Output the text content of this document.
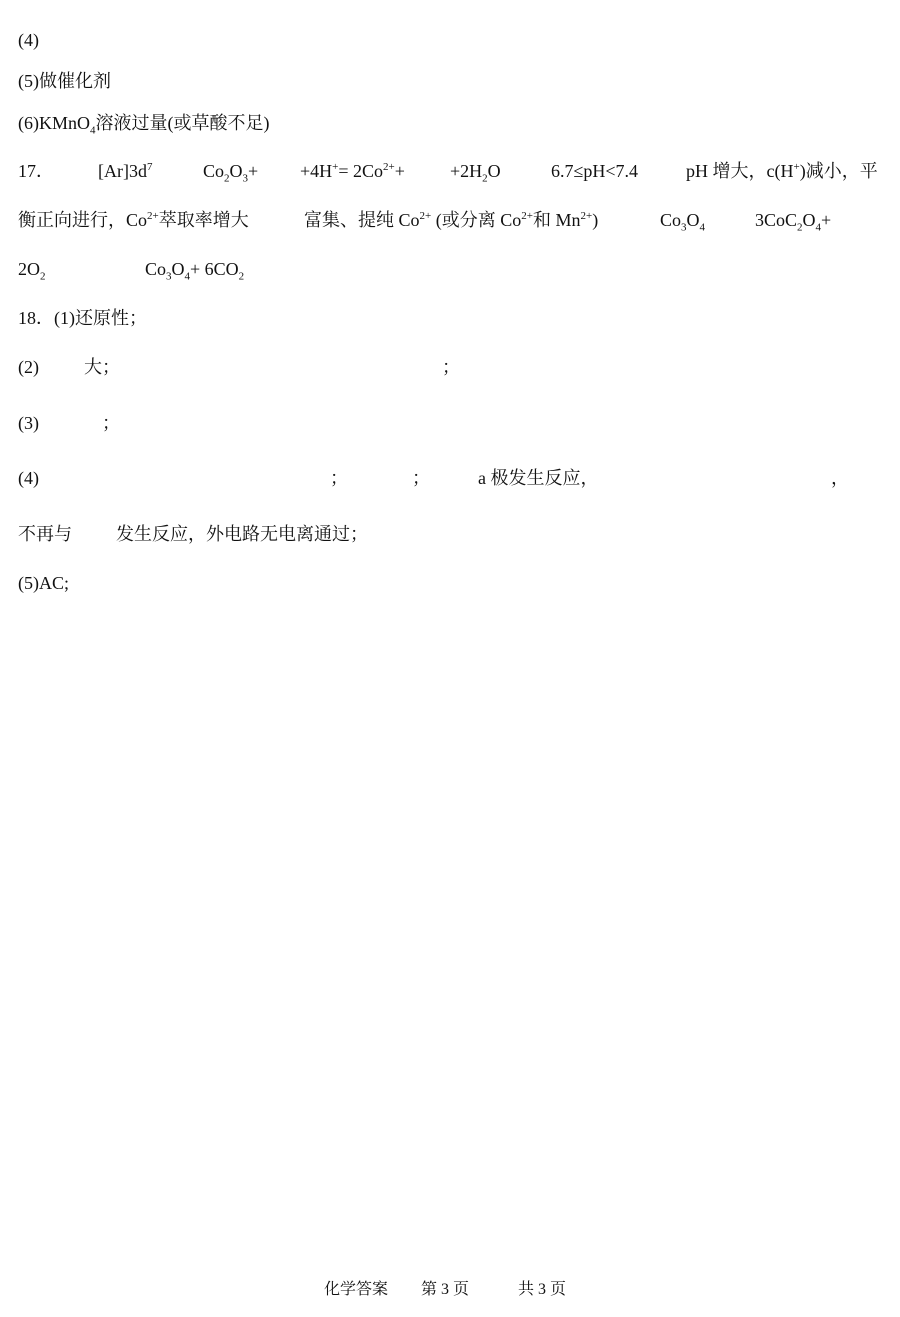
(4)
(5)做催化剂
(6)KMnO$_4$溶液过量(或草酸不足)
17． $[Ar]3d^7$	$Co_2O_3+ +4H^+= 2Co^{2+}+$	$+2H_2O$	6.7≤pH<7.4	pH 增大，c(H+)减小，平
衡正向进行，$Co^{2+}$萃取率增大	富集、提纯 $Co^{2+}$ (或分离 $Co^{2+}$和 $Mn^{2+}$)	$Co_3O_4$	$3CoC_2O_4+$
$2O_2$	$Co_3O_4+ 6CO_2$
18．(1)还原性；
(2)	大；	；
(3)	；
(4)	；	；	a 极发生反应，	，
不再与 发生反应，外电路无电离通过；
(5)AC;
化学答案 第 3 页	共 3 页
